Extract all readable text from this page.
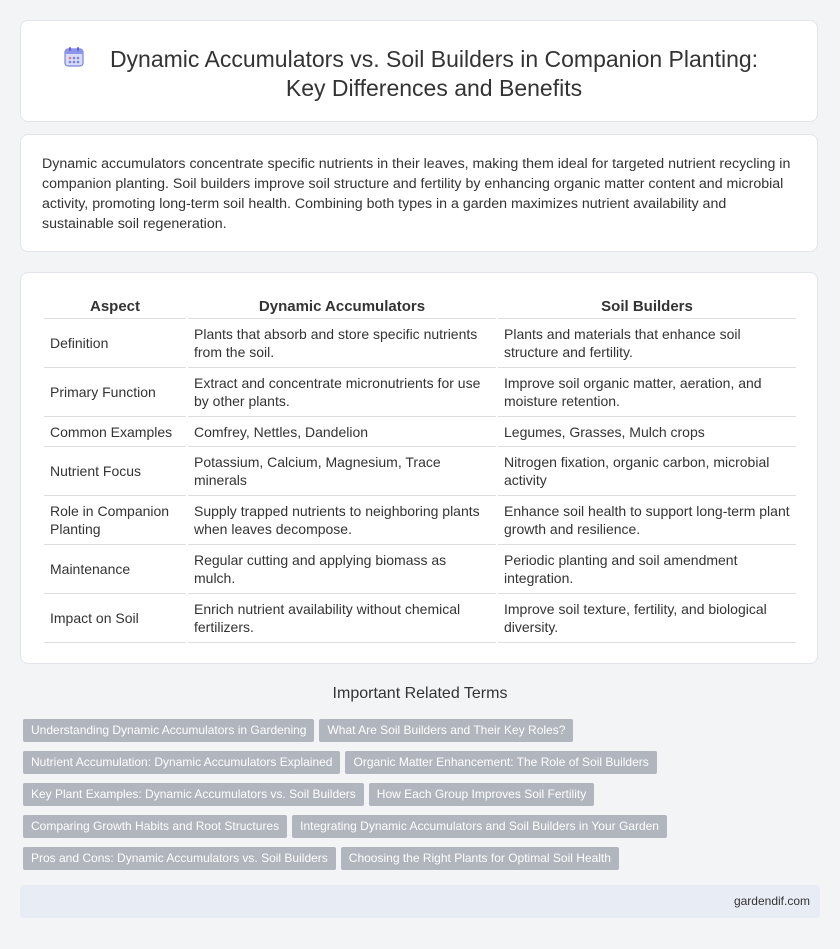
Dynamic Accumulators vs. Soil Builders in Companion Planting:
Key Differences and Benefits

Dynamic accumulators concentrate specific nutrients in their leaves, making them ideal for targeted nutrient recycling in companion planting. Soil builders improve soil structure and fertility by enhancing organic matter content and microbial activity, promoting long-term soil health. Combining both types in a garden maximizes nutrient availability and sustainable soil regeneration.

Aspect	Dynamic Accumulators	Soil Builders
Definition	Plants that absorb and store specific nutrients from the soil.	Plants and materials that enhance soil structure and fertility.
Primary Function	Extract and concentrate micronutrients for use by other plants.	Improve soil organic matter, aeration, and moisture retention.
Common Examples	Comfrey, Nettles, Dandelion	Legumes, Grasses, Mulch crops
Nutrient Focus	Potassium, Calcium, Magnesium, Trace minerals	Nitrogen fixation, organic carbon, microbial activity
Role in Companion Planting	Supply trapped nutrients to neighboring plants when leaves decompose.	Enhance soil health to support long-term plant growth and resilience.
Maintenance	Regular cutting and applying biomass as mulch.	Periodic planting and soil amendment integration.
Impact on Soil	Enrich nutrient availability without chemical fertilizers.	Improve soil texture, fertility, and biological diversity.
Important Related Terms
Understanding Dynamic Accumulators in Gardening What Are Soil Builders and Their Key Roles?
Nutrient Accumulation: Dynamic Accumulators Explained Organic Matter Enhancement: The Role of Soil Builders
Key Plant Examples: Dynamic Accumulators vs. Soil Builders How Each Group Improves Soil Fertility
Comparing Growth Habits and Root Structures Integrating Dynamic Accumulators and Soil Builders in Your Garden
Pros and Cons: Dynamic Accumulators vs. Soil Builders Choosing the Right Plants for Optimal Soil Health
gardendif.com
